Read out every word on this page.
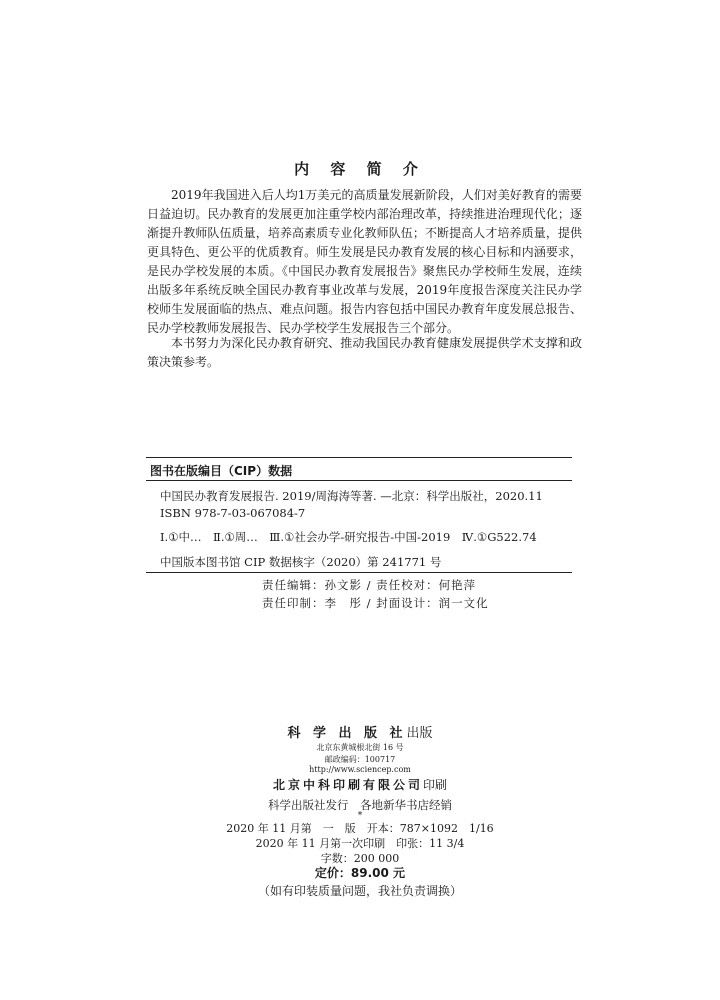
内 容 简 介

2019年我国进入后人均1万美元的高质量发展新阶段，人们对美好教育的需要日益迫切。民办教育的发展更加注重学校内部治理改革，持续推进治理现代化；逐渐提升教师队伍质量，培养高素质专业化教师队伍；不断提高人才培养质量，提供更具特色、更公平的优质教育。师生发展是民办教育发展的核心目标和内涵要求，是民办学校发展的本质。《中国民办教育发展报告》聚焦民办学校师生发展，连续出版多年系统反映全国民办教育事业改革与发展，2019年度报告深度关注民办学校师生发展面临的热点、难点问题。报告内容包括中国民办教育年度发展总报告、民办学校教师发展报告、民办学校学生发展报告三个部分。

本书努力为深化民办教育研究、推动我国民办教育健康发展提供学术支撑和政策决策参考。

图书在版编目（CIP）数据
中国民办教育发展报告. 2019/周海涛等著. —北京：科学出版社，2020.11
ISBN 978-7-03-067084-7
Ⅰ.①中…　Ⅱ.①周…　Ⅲ.①社会办学-研究报告-中国-2019　Ⅳ.①G522.74
中国版本图书馆 CIP 数据核字（2020）第 241771 号
责任编辑：孙文影 / 责任校对：何艳萍
责任印制：李　彤 / 封面设计：润一文化
科 学 出 版 社出版
北京东黄城根北街 16 号
邮政编码：100717
http://www.sciencep.com
北京中科印刷有限公司印刷
科学出版社发行　各地新华书店经销
*
2020 年 11 月第　一　版　开本：787×1092　1/16
2020 年 11 月第一次印刷　印张：11 3/4
字数：200 000
定价：89.00 元
（如有印装质量问题，我社负责调换）
